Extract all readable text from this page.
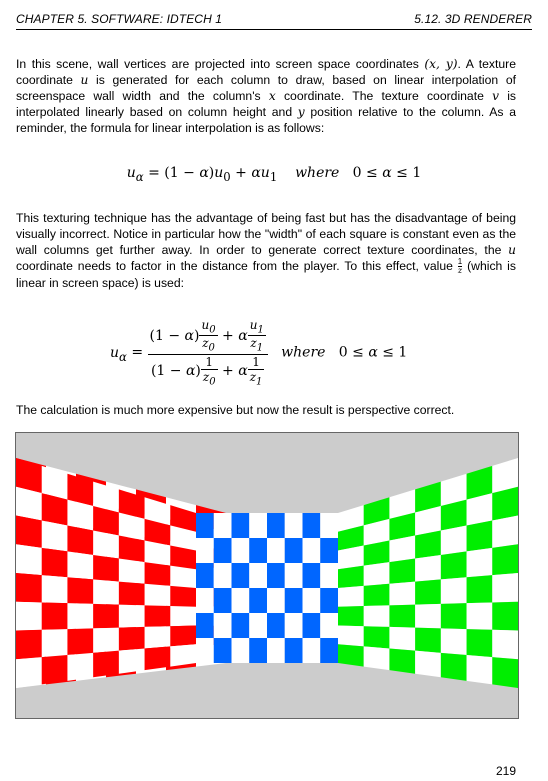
CHAPTER 5. SOFTWARE: IDTECH 1	5.12. 3D RENDERER
In this scene, wall vertices are projected into screen space coordinates (x, y). A texture coordinate u is generated for each column to draw, based on linear interpolation of screenspace wall width and the column's x coordinate. The texture coordinate v is interpolated linearly based on column height and y position relative to the column. As a reminder, the formula for linear interpolation is as follows:
$u_\alpha = (1 - \alpha)u_0 + \alpha u_1$ where   0 ≤ α ≤ 1
This texturing technique has the advantage of being fast but has the disadvantage of being visually incorrect. Notice in particular how the "width" of each square is constant even as the wall columns get further away. In order to generate correct texture coordinates, the u coordinate needs to factor in the distance from the player. To this effect, value $\frac{1}{z}$ (which is linear in screen space) is used:
$u_\alpha = \frac{(1 - \alpha) \frac{u_0}{z_0} + \alpha \frac{u_1}{z_1}}{(1 - \alpha) \frac{1}{z_0} + \alpha \frac{1}{z_1}}$ where   0 ≤ α ≤ 1
The calculation is much more expensive but now the result is perspective correct.
219
